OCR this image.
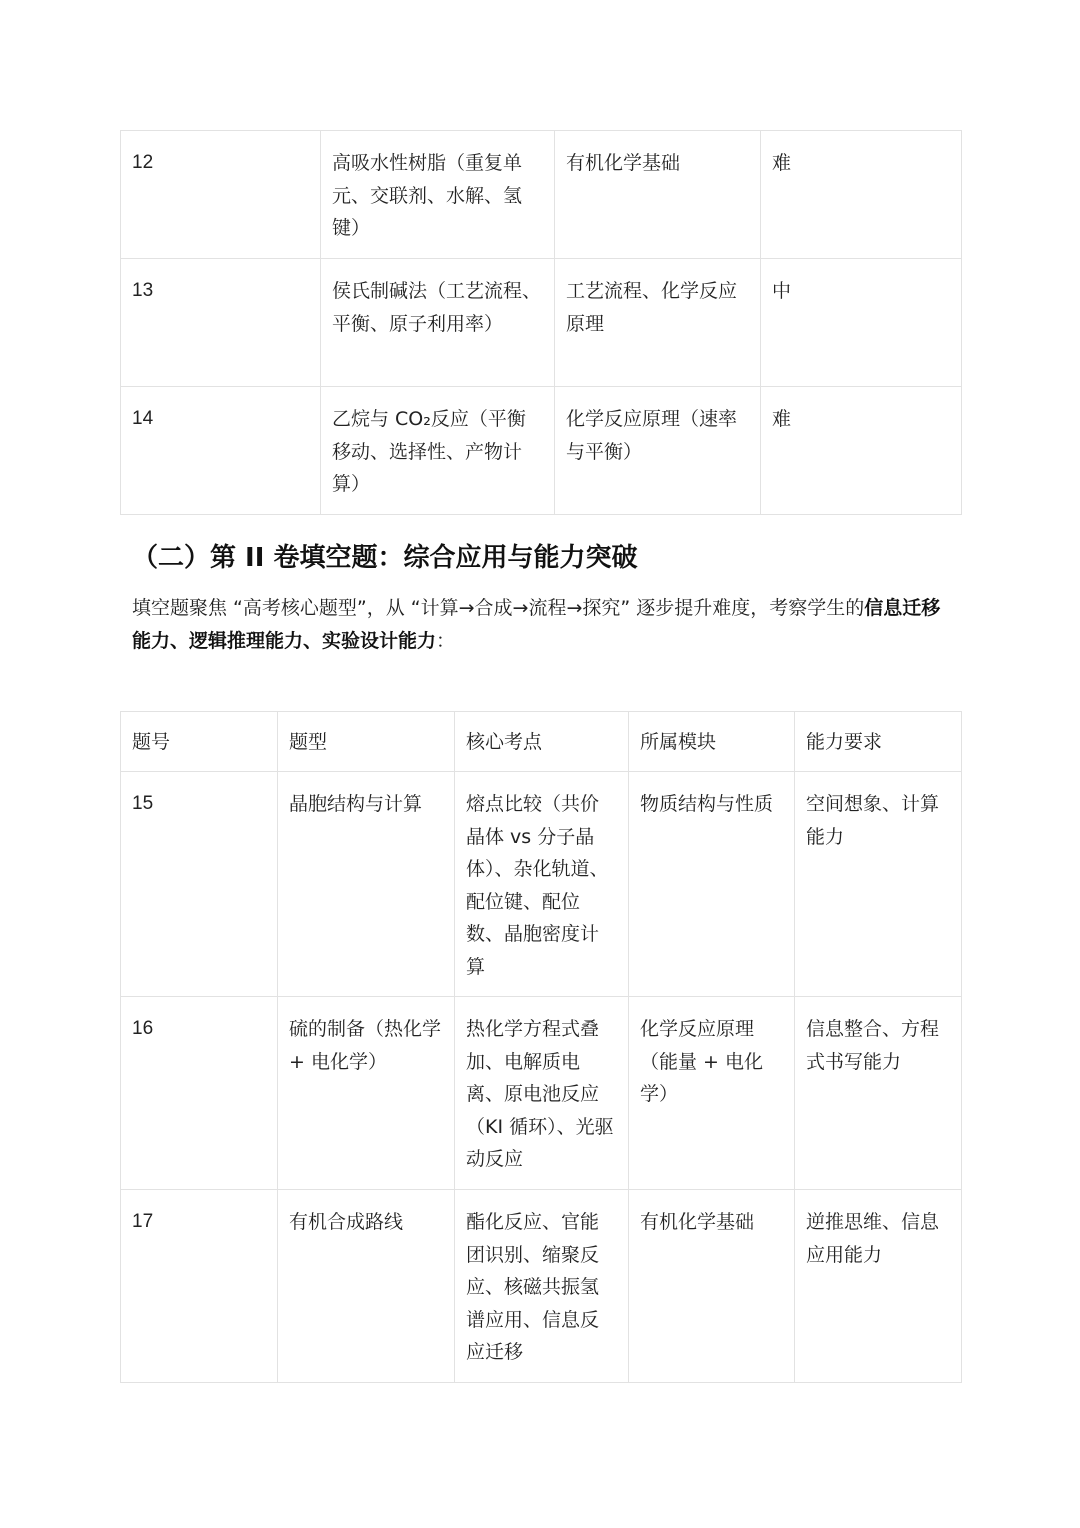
12	高吸水性树脂（重复单元、交联剂、水解、氢键）	有机化学基础	难
13	侯氏制碱法（工艺流程、平衡、原子利用率）	工艺流程、化学反应原理	中
14	乙烷与 CO₂反应（平衡移动、选择性、产物计算）	化学反应原理（速率与平衡）	难
（二）第 II 卷填空题：综合应用与能力突破

填空题聚焦 “高考核心题型”，从 “计算→合成→流程→探究” 逐步提升难度，考察学生的信息迁移能力、逻辑推理能力、实验设计能力：

题号	题型	核心考点	所属模块	能力要求
15	晶胞结构与计算	熔点比较（共价晶体 vs 分子晶体）、杂化轨道、配位键、配位数、晶胞密度计算	物质结构与性质	空间想象、计算能力
16	硫的制备（热化学 + 电化学）	热化学方程式叠加、电解质电离、原电池反应（KI 循环）、光驱动反应	化学反应原理（能量 + 电化学）	信息整合、方程式书写能力
17	有机合成路线	酯化反应、官能团识别、缩聚反应、核磁共振氢谱应用、信息反应迁移	有机化学基础	逆推思维、信息应用能力
